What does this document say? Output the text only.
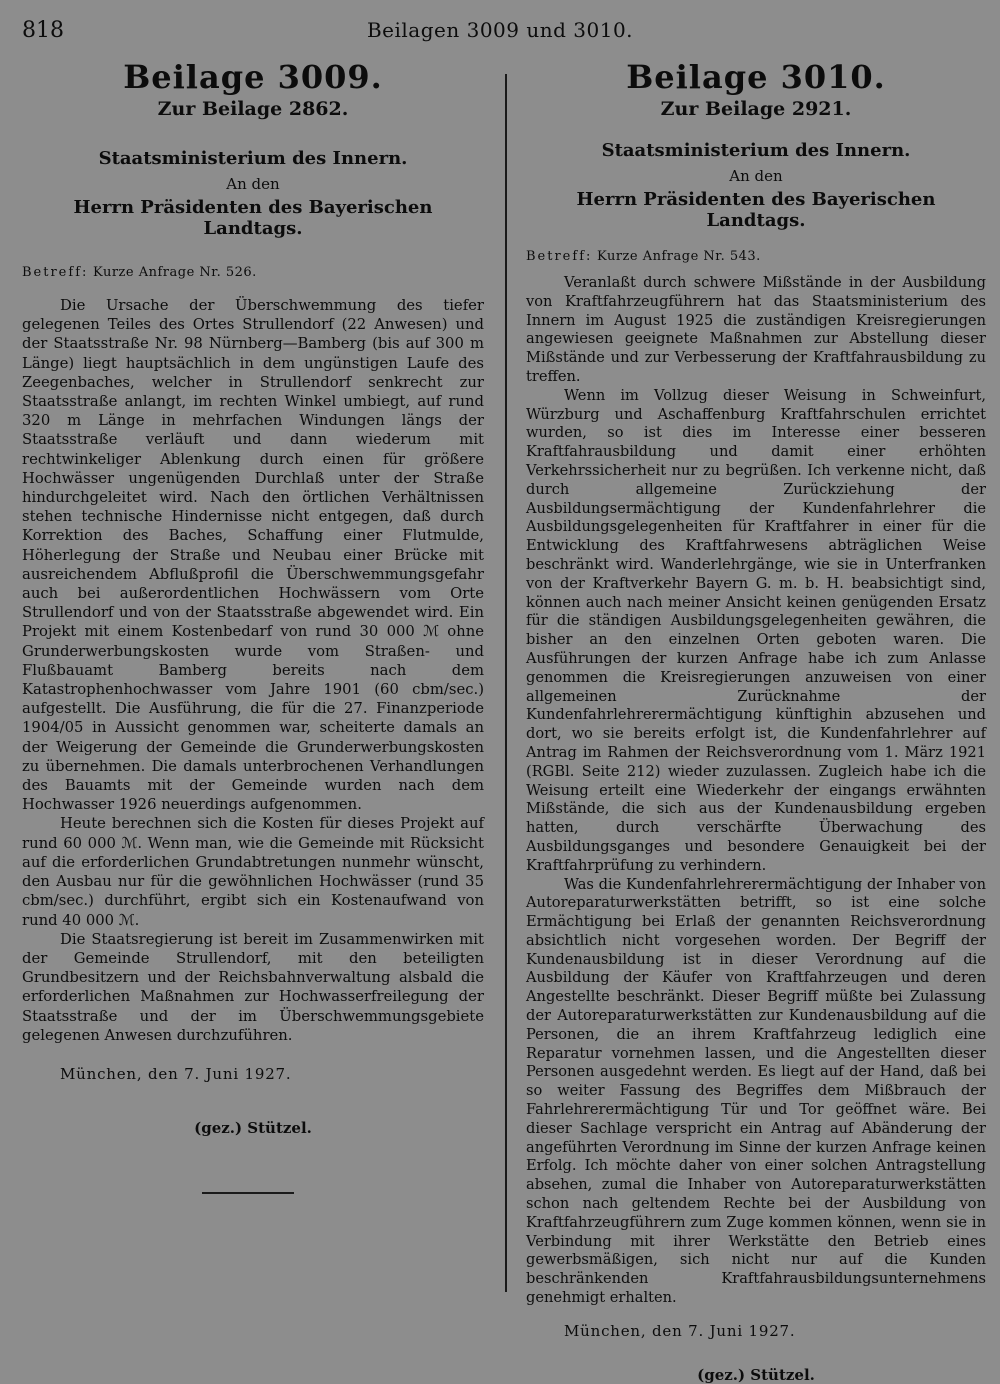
818	Beilagen 3009 und 3010.
Beilage 3009.
Zur Beilage 2862.
Staatsministerium des Innern.
An den
Herrn Präsidenten des Bayerischen Landtags.
Betreff: Kurze Anfrage Nr. 526.

Die Ursache der Überschwemmung des tiefer gelegenen Teiles des Ortes Strullendorf (22 Anwesen) und der Staatsstraße Nr. 98 Nürnberg—Bamberg (bis auf 300 m Länge) liegt hauptsächlich in dem ungünstigen Laufe des Zeegenbaches, welcher in Strullendorf senkrecht zur Staatsstraße anlangt, im rechten Winkel umbiegt, auf rund 320 m Länge in mehrfachen Windungen längs der Staatsstraße verläuft und dann wiederum mit rechtwinkeliger Ablenkung durch einen für größere Hochwässer ungenügenden Durchlaß unter der Straße hindurchgeleitet wird. Nach den örtlichen Verhältnissen stehen technische Hindernisse nicht entgegen, daß durch Korrektion des Baches, Schaffung einer Flutmulde, Höherlegung der Straße und Neubau einer Brücke mit ausreichendem Abflußprofil die Überschwemmungsgefahr auch bei außerordentlichen Hochwässern vom Orte Strullendorf und von der Staatsstraße abgewendet wird. Ein Projekt mit einem Kostenbedarf von rund 30 000 ℳ ohne Grunderwerbungskosten wurde vom Straßen- und Flußbauamt Bamberg bereits nach dem Katastrophenhochwasser vom Jahre 1901 (60 cbm/sec.) aufgestellt. Die Ausführung, die für die 27. Finanzperiode 1904/05 in Aussicht genommen war, scheiterte damals an der Weigerung der Gemeinde die Grunderwerbungskosten zu übernehmen. Die damals unterbrochenen Verhandlungen des Bauamts mit der Gemeinde wurden nach dem Hochwasser 1926 neuerdings aufgenommen.

Heute berechnen sich die Kosten für dieses Projekt auf rund 60 000 ℳ. Wenn man, wie die Gemeinde mit Rücksicht auf die erforderlichen Grundabtretungen nunmehr wünscht, den Ausbau nur für die gewöhnlichen Hochwässer (rund 35 cbm/sec.) durchführt, ergibt sich ein Kostenaufwand von rund 40 000 ℳ.

Die Staatsregierung ist bereit im Zusammenwirken mit der Gemeinde Strullendorf, mit den beteiligten Grundbesitzern und der Reichsbahnverwaltung alsbald die erforderlichen Maßnahmen zur Hochwasserfreilegung der Staatsstraße und der im Überschwemmungsgebiete gelegenen Anwesen durchzuführen.

München, den 7. Juni 1927.
(gez.) Stützel.
Beilage 3010.
Zur Beilage 2921.
Staatsministerium des Innern.
An den
Herrn Präsidenten des Bayerischen Landtags.
Betreff: Kurze Anfrage Nr. 543.

Veranlaßt durch schwere Mißstände in der Ausbildung von Kraftfahrzeugführern hat das Staatsministerium des Innern im August 1925 die zuständigen Kreisregierungen angewiesen geeignete Maßnahmen zur Abstellung dieser Mißstände und zur Verbesserung der Kraftfahrausbildung zu treffen.

Wenn im Vollzug dieser Weisung in Schweinfurt, Würzburg und Aschaffenburg Kraftfahrschulen errichtet wurden, so ist dies im Interesse einer besseren Kraftfahrausbildung und damit einer erhöhten Verkehrssicherheit nur zu begrüßen. Ich verkenne nicht, daß durch allgemeine Zurückziehung der Ausbildungsermächtigung der Kundenfahrlehrer die Ausbildungsgelegenheiten für Kraftfahrer in einer für die Entwicklung des Kraftfahrwesens abträglichen Weise beschränkt wird. Wanderlehrgänge, wie sie in Unterfranken von der Kraftverkehr Bayern G. m. b. H. beabsichtigt sind, können auch nach meiner Ansicht keinen genügenden Ersatz für die ständigen Ausbildungsgelegenheiten gewähren, die bisher an den einzelnen Orten geboten waren. Die Ausführungen der kurzen Anfrage habe ich zum Anlasse genommen die Kreisregierungen anzuweisen von einer allgemeinen Zurücknahme der Kundenfahrlehrerermächtigung künftighin abzusehen und dort, wo sie bereits erfolgt ist, die Kundenfahrlehrer auf Antrag im Rahmen der Reichsverordnung vom 1. März 1921 (RGBl. Seite 212) wieder zuzulassen. Zugleich habe ich die Weisung erteilt eine Wiederkehr der eingangs erwähnten Mißstände, die sich aus der Kundenausbildung ergeben hatten, durch verschärfte Überwachung des Ausbildungsganges und besondere Genauigkeit bei der Kraftfahrprüfung zu verhindern.

Was die Kundenfahrlehrerermächtigung der Inhaber von Autoreparaturwerkstätten betrifft, so ist eine solche Ermächtigung bei Erlaß der genannten Reichsverordnung absichtlich nicht vorgesehen worden. Der Begriff der Kundenausbildung ist in dieser Verordnung auf die Ausbildung der Käufer von Kraftfahrzeugen und deren Angestellte beschränkt. Dieser Begriff müßte bei Zulassung der Autoreparaturwerkstätten zur Kundenausbildung auf die Personen, die an ihrem Kraftfahrzeug lediglich eine Reparatur vornehmen lassen, und die Angestellten dieser Personen ausgedehnt werden. Es liegt auf der Hand, daß bei so weiter Fassung des Begriffes dem Mißbrauch der Fahrlehrerermächtigung Tür und Tor geöffnet wäre. Bei dieser Sachlage verspricht ein Antrag auf Abänderung der angeführten Verordnung im Sinne der kurzen Anfrage keinen Erfolg. Ich möchte daher von einer solchen Antragstellung absehen, zumal die Inhaber von Autoreparaturwerkstätten schon nach geltendem Rechte bei der Ausbildung von Kraftfahrzeugführern zum Zuge kommen können, wenn sie in Verbindung mit ihrer Werkstätte den Betrieb eines gewerbsmäßigen, sich nicht nur auf die Kunden beschränkenden Kraftfahrausbildungsunternehmens genehmigt erhalten.

München, den 7. Juni 1927.
(gez.) Stützel.
